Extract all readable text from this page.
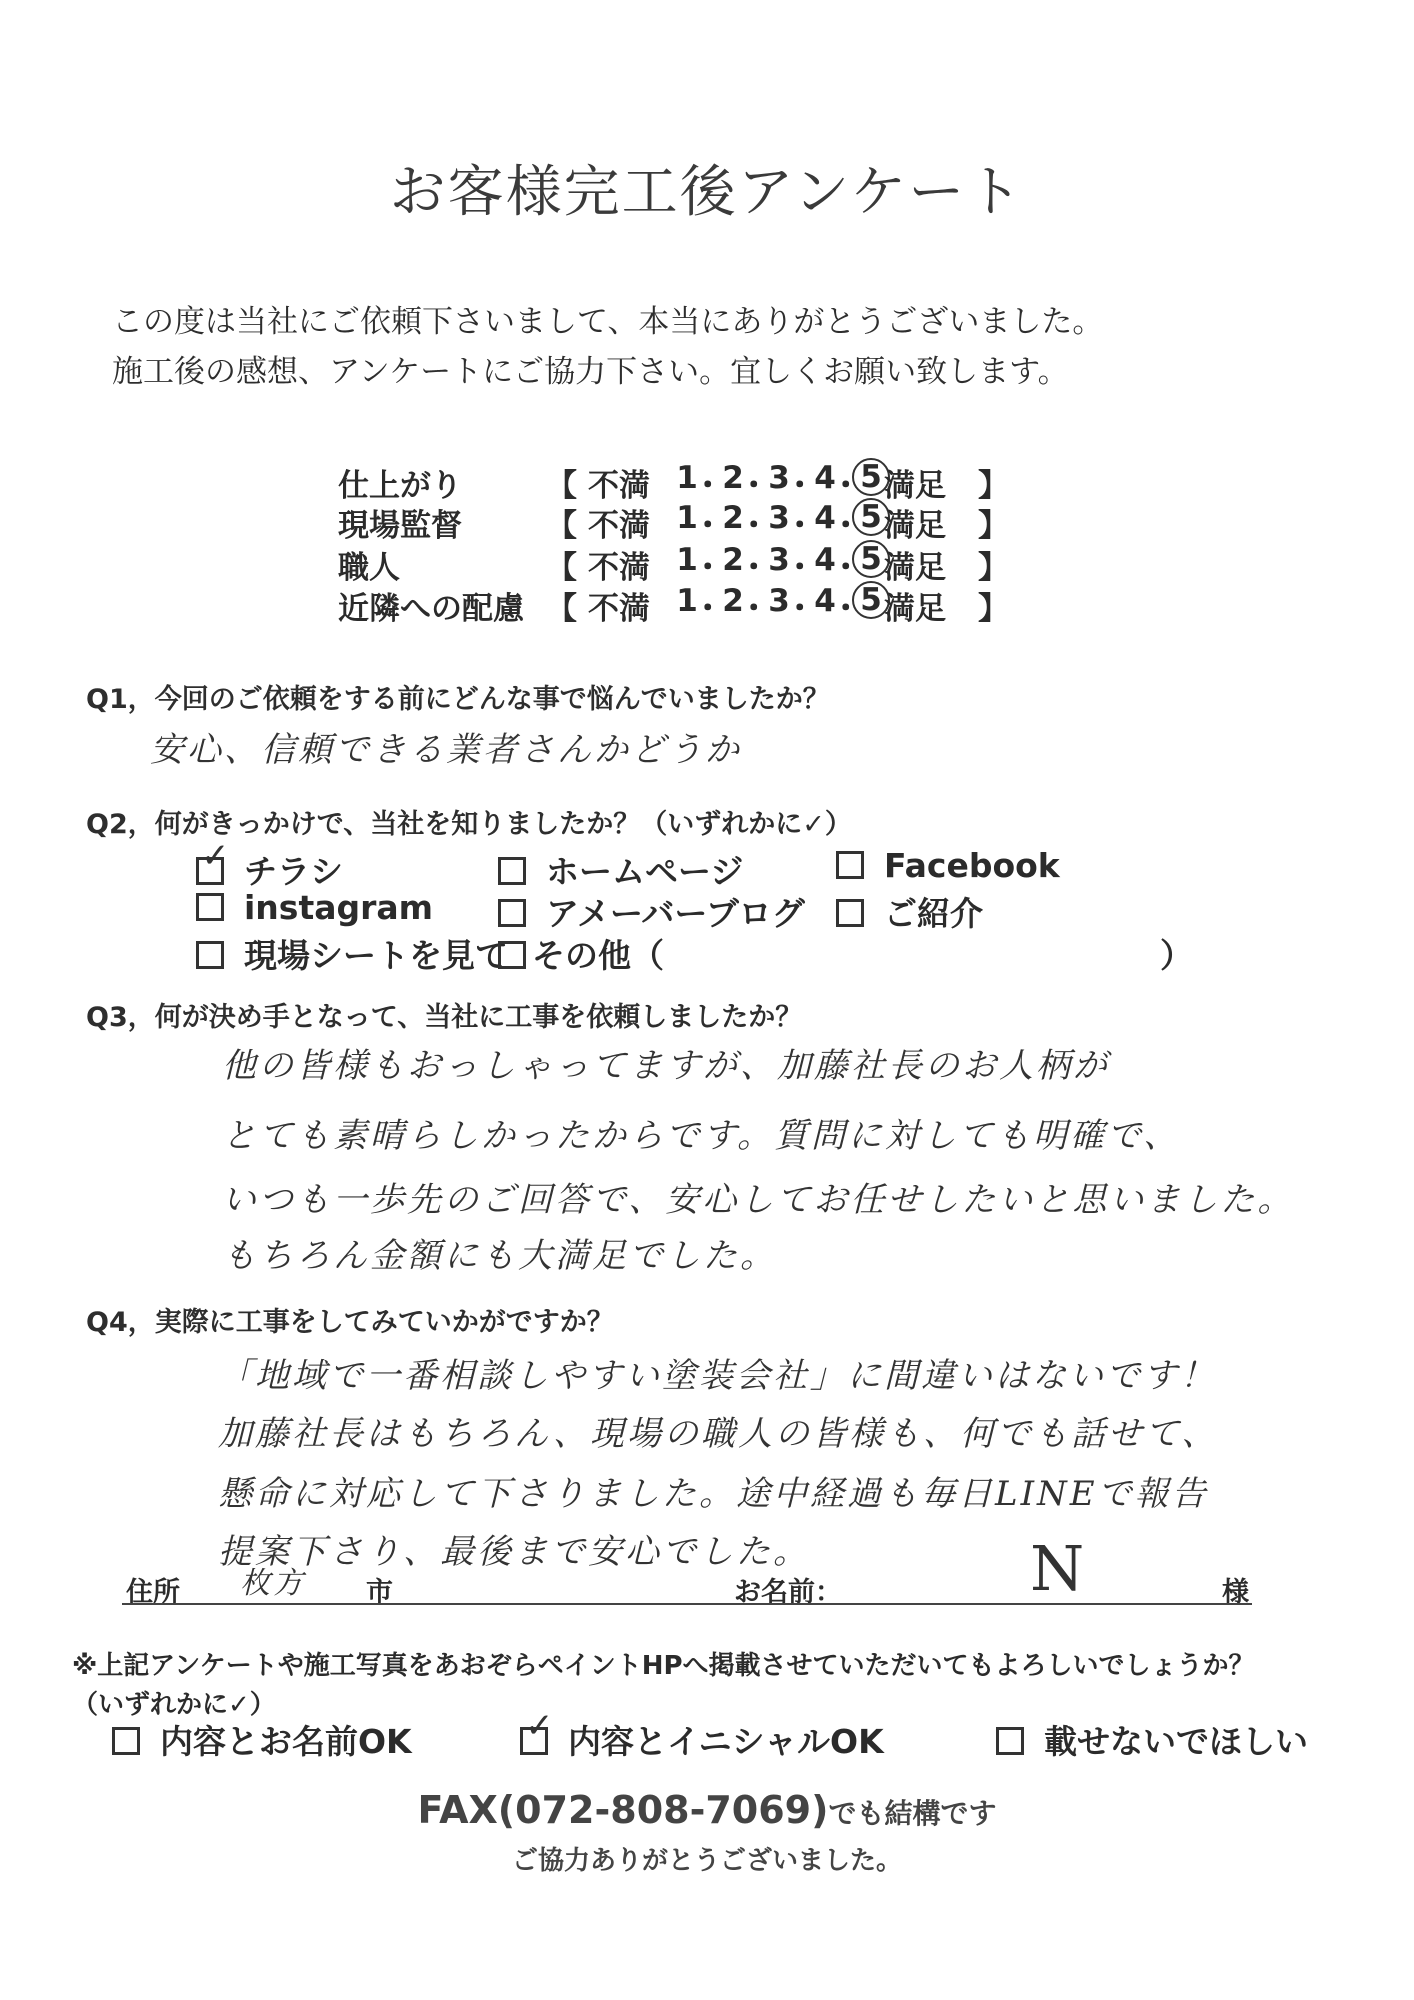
お客様完工後アンケート
この度は当社にご依頼下さいまして、本当にありがとうございました。
施工後の感想、アンケートにご協力下さい。宜しくお願い致します。
仕上がり	【 不満 1 ･ 2 ･ 3 ･ 4 ･ 5 満足 】
現場監督	【 不満 1 ･ 2 ･ 3 ･ 4 ･ 5 満足 】
職人	【 不満 1 ･ 2 ･ 3 ･ 4 ･ 5 満足 】
近隣への配慮 【 不満 1 ･ 2 ･ 3 ･ 4 ･ 5 満足 】
Q1，今回のご依頼をする前にどんな事で悩んでいましたか？
安心、信頼できる業者さんかどうか
Q2，何がきっかけで、当社を知りましたか？（いずれかに✓）
✓チラシ	ホームページ	Facebook
instagram	アメーバーブログ	ご紹介
現場シートを見て その他（	）
Q3，何が決め手となって、当社に工事を依頼しましたか？
他の皆様もおっしゃってますが、加藤社長のお人柄が
とても素晴らしかったからです。質問に対しても明確で、
いつも一歩先のご回答で、安心してお任せしたいと思いました。
もちろん金額にも大満足でした。
Q4，実際に工事をしてみていかがですか？
「地域で一番相談しやすい塗装会社」に間違いはないです！
加藤社長はもちろん、現場の職人の皆様も、何でも話せて、
懸命に対応して下さりました。途中経過も毎日LINEで報告
提案下さり、最後まで安心でした。
住所 枚方 市	お名前：	N	様
※上記アンケートや施工写真をあおぞらペイントHPへ掲載させていただいてもよろしいでしょうか？
（いずれかに✓）
内容とお名前OK
✓	内容とイニシャルOK	載せないでほしい
FAX(072-808-7069)でも結構です
ご協力ありがとうございました。
